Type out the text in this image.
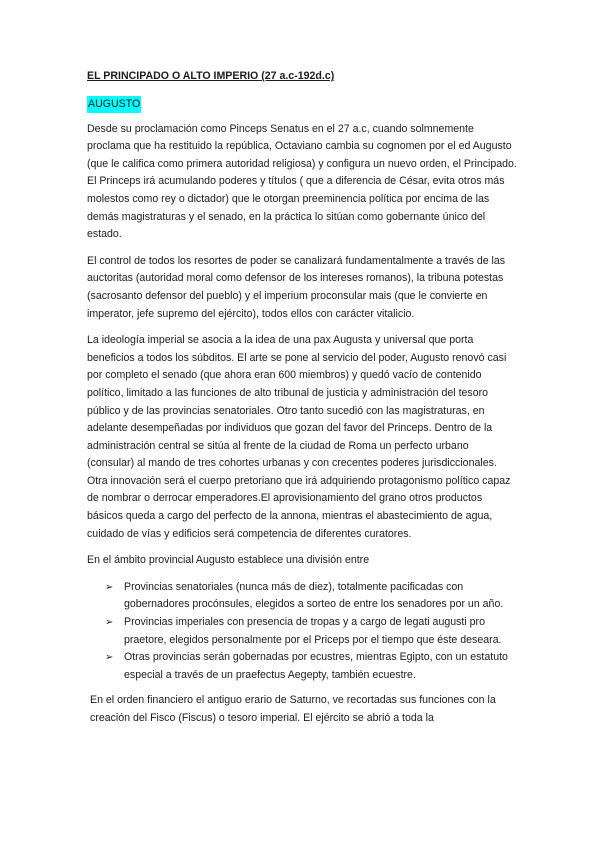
EL PRINCIPADO O ALTO IMPERIO (27 a.c-192d.c)
AUGUSTO

Desde su proclamación como Pinceps Senatus en el 27 a.c, cuando solmnemente proclama que ha restituido la república, Octaviano cambia su cognomen por el ed Augusto (que le califica como primera autoridad religiosa) y configura un nuevo orden, el Principado. El Princeps irá acumulando poderes y títulos ( que a diferencia de César, evita otros más molestos como rey o dictador) que le otorgan preeminencia política por encima de las demás magistraturas y el senado, en la práctica lo sitúan como gobernante único del estado.

El control de todos los resortes de poder se canalizará fundamentalmente a través de las auctoritas (autoridad moral como defensor de los intereses romanos), la tribuna potestas (sacrosanto defensor del pueblo) y el imperium proconsular mais (que le convierte en imperator, jefe supremo del ejército), todos ellos con carácter vitalicio.

La ideología imperial se asocia a la idea de una pax Augusta y universal que porta beneficios a todos los súbditos. El arte se pone al servicio del poder, Augusto renovó casi por completo el senado (que ahora eran 600 miembros) y quedó vacío de contenido político, limitado a las funciones de alto tribunal de justicia y administración del tesoro público y de las provincias senatoriales. Otro tanto sucedió con las magistraturas, en adelante desempeñadas por individuos que gozan del favor del Princeps. Dentro de la administración central se sitúa al frente de la ciudad de Roma un perfecto urbano (consular) al mando de tres cohortes urbanas y con crecentes poderes jurisdiccionales. Otra innovación será el cuerpo pretoriano que irá adquiriendo protagonismo político capaz de nombrar o derrocar emperadores.El aprovisionamiento del grano otros productos básicos queda a cargo del perfecto de la annona, mientras el abastecimiento de agua, cuidado de vías y edificios será competencia de diferentes curatores.

En el ámbito provincial Augusto establece una división entre

➢ Provincias senatoriales (nunca más de diez), totalmente pacificadas con gobernadores procónsules, elegidos a sorteo de entre los senadores por un año.
➢ Provincias imperiales con presencia de tropas y a cargo de legati augusti pro praetore, elegidos personalmente por el Priceps por el tiempo que éste deseara.
➢ Otras provincias serán gobernadas por ecustres, mientras Egipto, con un estatuto especial a través de un praefectus Aegepty, también ecuestre.

En el orden financiero el antiguo erario de Saturno, ve recortadas sus funciones con la creación del Fisco (Fiscus) o tesoro imperial. El ejército se abrió a toda la
